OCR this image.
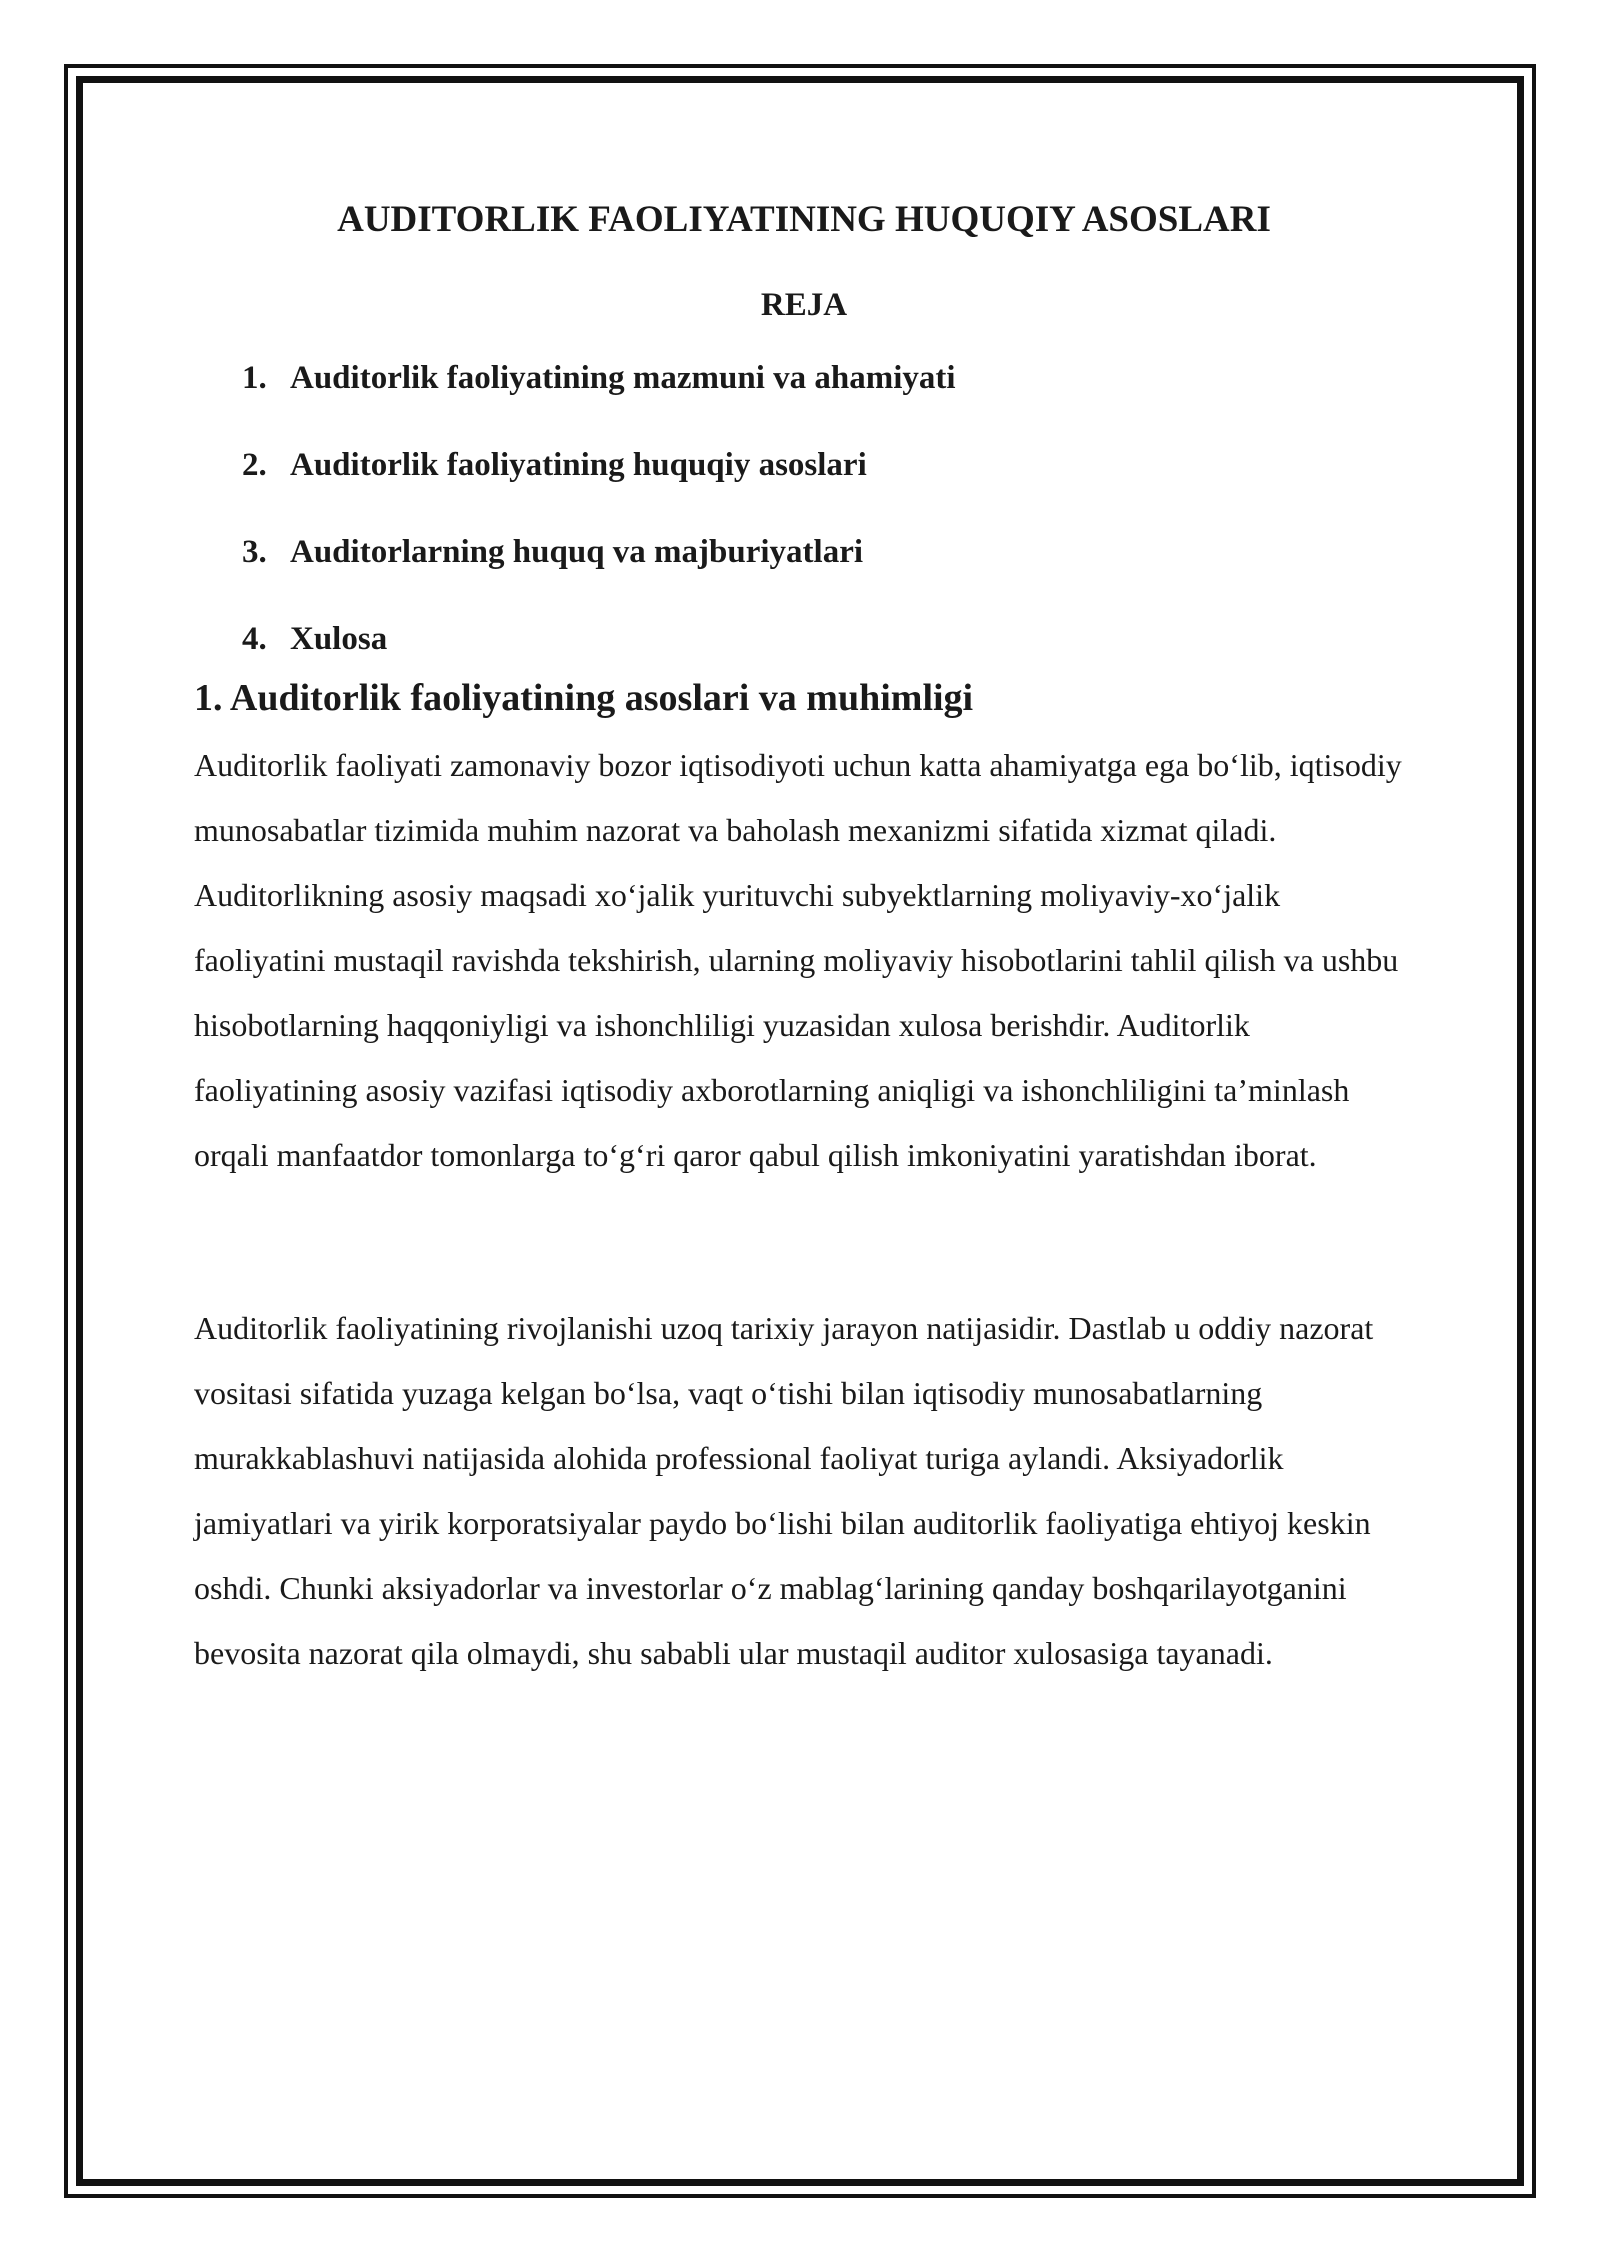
AUDITORLIK FAOLIYATINING HUQUQIY ASOSLARI
REJA
1. Auditorlik faoliyatining mazmuni va ahamiyati
2. Auditorlik faoliyatining huquqiy asoslari
3. Auditorlarning huquq va majburiyatlari
4. Xulosa
1. Auditorlik faoliyatining asoslari va muhimligi

Auditorlik faoliyati zamonaviy bozor iqtisodiyoti uchun katta ahamiyatga ega bo‘lib, iqtisodiy munosabatlar tizimida muhim nazorat va baholash mexanizmi sifatida xizmat qiladi. Auditorlikning asosiy maqsadi xo‘jalik yurituvchi subyektlarning moliyaviy-xo‘jalik faoliyatini mustaqil ravishda tekshirish, ularning moliyaviy hisobotlarini tahlil qilish va ushbu hisobotlarning haqqoniyligi va ishonchliligi yuzasidan xulosa berishdir. Auditorlik faoliyatining asosiy vazifasi iqtisodiy axborotlarning aniqligi va ishonchliligini ta’minlash orqali manfaatdor tomonlarga to‘g‘ri qaror qabul qilish imkoniyatini yaratishdan iborat.

Auditorlik faoliyatining rivojlanishi uzoq tarixiy jarayon natijasidir. Dastlab u oddiy nazorat vositasi sifatida yuzaga kelgan bo‘lsa, vaqt o‘tishi bilan iqtisodiy munosabatlarning murakkablashuvi natijasida alohida professional faoliyat turiga aylandi. Aksiyadorlik jamiyatlari va yirik korporatsiyalar paydo bo‘lishi bilan auditorlik faoliyatiga ehtiyoj keskin oshdi. Chunki aksiyadorlar va investorlar o‘z mablag‘larining qanday boshqarilayotganini bevosita nazorat qila olmaydi, shu sababli ular mustaqil auditor xulosasiga tayanadi.
